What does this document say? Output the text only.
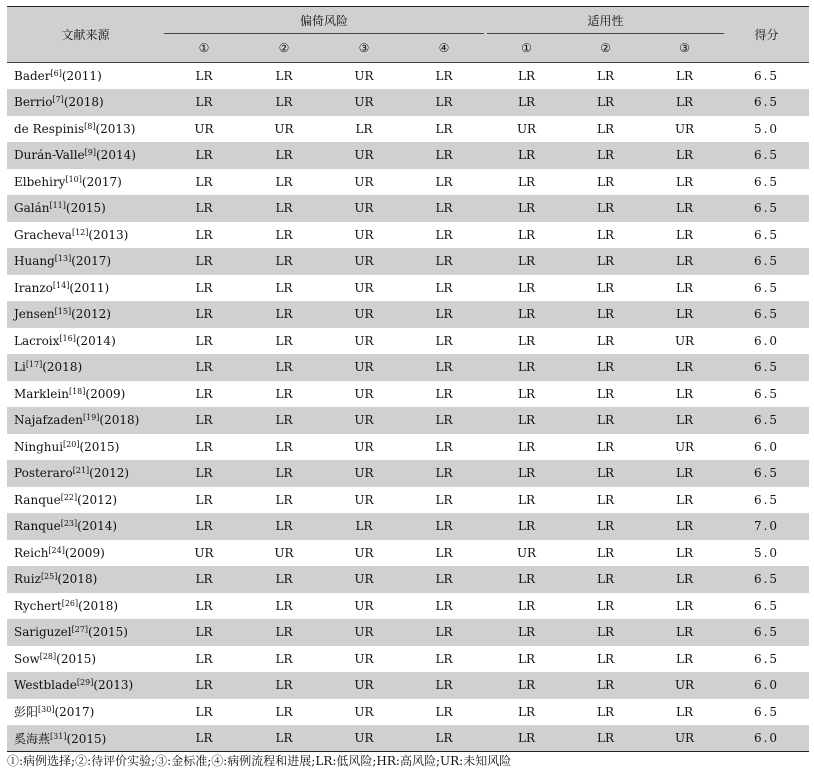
文献来源	偏倚风险					适用性			得分
	①	②	③	④		①	②	③	
Bader[6](2011)	LR	LR	UR	LR		LR	LR	LR	6.5
Berrio[7](2018)	LR	LR	UR	LR		LR	LR	LR	6.5
de Respinis[8](2013)	UR	UR	LR	LR		UR	LR	UR	5.0
Durán-Valle[9](2014)	LR	LR	UR	LR		LR	LR	LR	6.5
Elbehiry[10](2017)	LR	LR	UR	LR		LR	LR	LR	6.5
Galán[11](2015)	LR	LR	UR	LR		LR	LR	LR	6.5
Gracheva[12](2013)	LR	LR	UR	LR		LR	LR	LR	6.5
Huang[13](2017)	LR	LR	UR	LR		LR	LR	LR	6.5
Iranzo[14](2011)	LR	LR	UR	LR		LR	LR	LR	6.5
Jensen[15](2012)	LR	LR	UR	LR		LR	LR	LR	6.5
Lacroix[16](2014)	LR	LR	UR	LR		LR	LR	UR	6.0
Li[17](2018)	LR	LR	UR	LR		LR	LR	LR	6.5
Marklein[18](2009)	LR	LR	UR	LR		LR	LR	LR	6.5
Najafzaden[19](2018)	LR	LR	UR	LR		LR	LR	LR	6.5
Ninghui[20](2015)	LR	LR	UR	LR		LR	LR	UR	6.0
Posteraro[21](2012)	LR	LR	UR	LR		LR	LR	LR	6.5
Ranque[22](2012)	LR	LR	UR	LR		LR	LR	LR	6.5
Ranque[23](2014)	LR	LR	LR	LR		LR	LR	LR	7.0
Reich[24](2009)	UR	UR	UR	LR		UR	LR	LR	5.0
Ruiz[25](2018)	LR	LR	UR	LR		LR	LR	LR	6.5
Rychert[26](2018)	LR	LR	UR	LR		LR	LR	LR	6.5
Sariguzel[27](2015)	LR	LR	UR	LR		LR	LR	LR	6.5
Sow[28](2015)	LR	LR	UR	LR		LR	LR	LR	6.5
Westblade[29](2013)	LR	LR	UR	LR		LR	LR	UR	6.0
彭阳[30](2017)	LR	LR	UR	LR		LR	LR	LR	6.5
奚海燕[31](2015)	LR	LR	UR	LR		LR	LR	UR	6.0
①:病例选择;②:待评价实验;③:金标准;④:病例流程和进展;LR:低风险;HR:高风险;UR:未知风险
